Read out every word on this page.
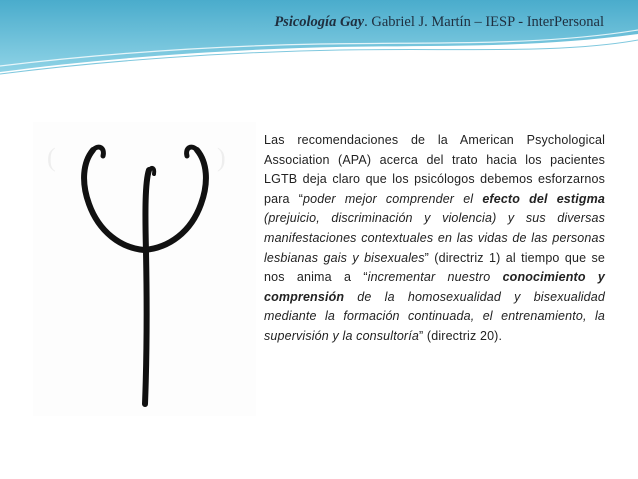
Psicología Gay. Gabriel J. Martín – IESP - InterPersonal
(	)
Las recomendaciones de la American Psychological Association (APA) acerca del trato hacia los pacientes LGTB deja claro que los psicólogos debemos esforzarnos para “poder mejor comprender el efecto del estigma (prejuicio, discriminación y violencia) y sus diversas manifestaciones contextuales en las vidas de las personas lesbianas gais y bisexuales” (directriz 1) al tiempo que se nos anima a “incrementar nuestro conocimiento y comprensión de la homosexualidad y bisexualidad mediante la formación continuada, el entrenamiento, la supervisión y la consultoría” (directriz 20).
